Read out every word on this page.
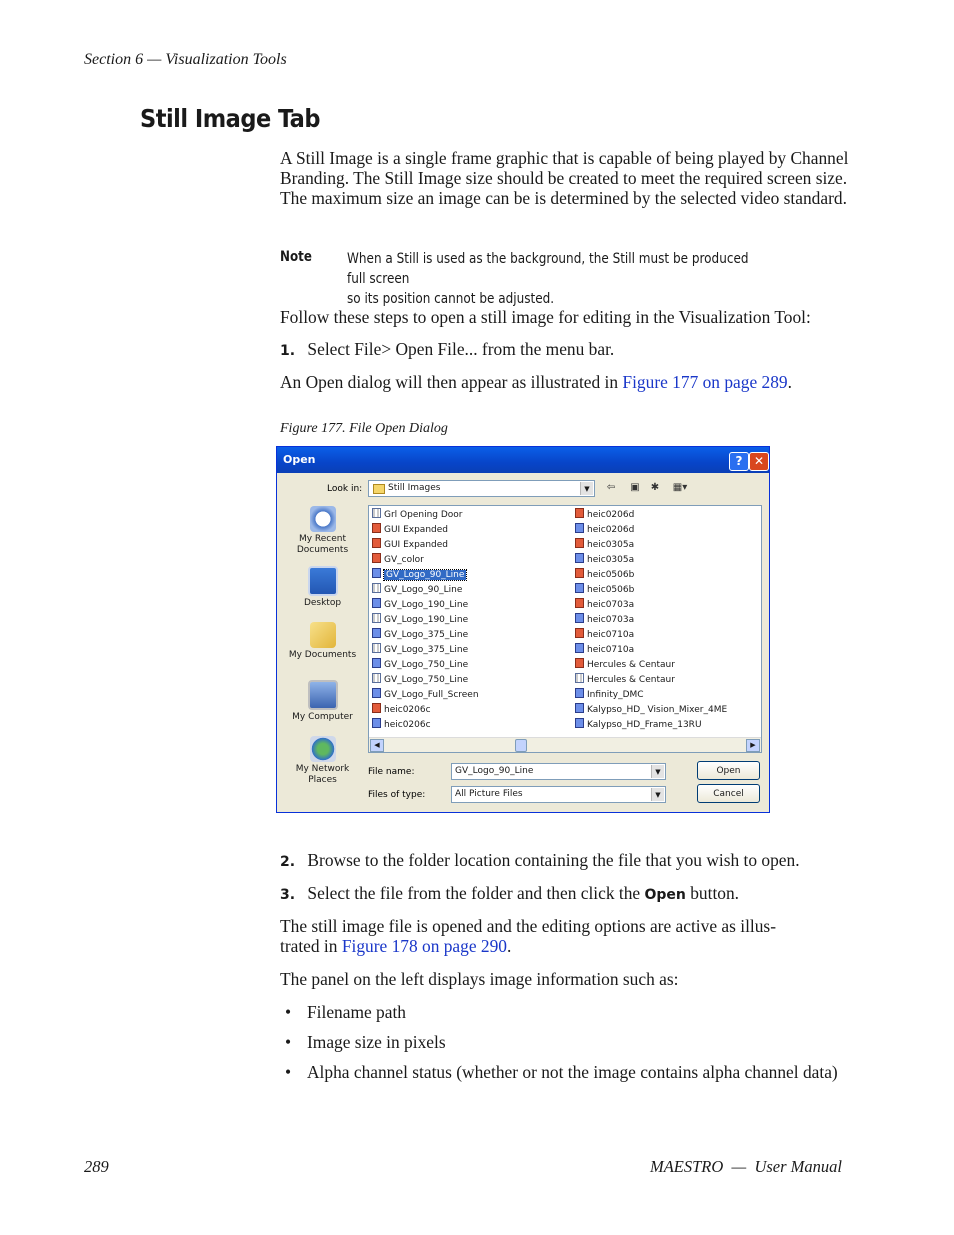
Section 6 — Visualization Tools
Still Image Tab
A Still Image is a single frame graphic that is capable of being played by Channel Branding. The Still Image size should be created to meet the required screen size. The maximum size an image can be is determined by the selected video standard.
Note	When a Still is used as the background, the Still must be produced full screen
so its position cannot be adjusted.
Follow these steps to open a still image for editing in the Visualization Tool:
1. Select File> Open File... from the menu bar.
An Open dialog will then appear as illustrated in Figure 177 on page 289.
Figure 177. File Open Dialog
Open	? ✕
Look in:	Still Images	▼	⇦	▣	✱	▦▾
My Recent Documents
Desktop
My Documents
My Computer
My Network Places
Grl Opening Door
GUI Expanded
GUI Expanded
GV_color
GV_Logo_90_Line
GV_Logo_90_Line
GV_Logo_190_Line
GV_Logo_190_Line
GV_Logo_375_Line
GV_Logo_375_Line
GV_Logo_750_Line
GV_Logo_750_Line
GV_Logo_Full_Screen
heic0206c
heic0206c
heic0206d
heic0206d
heic0305a
heic0305a
heic0506b
heic0506b
heic0703a
heic0703a
heic0710a
heic0710a
Hercules & Centaur
Hercules & Centaur
Infinity_DMC
Kalypso_HD_ Vision_Mixer_4ME
Kalypso_HD_Frame_13RU
◀	▶
File name:	GV_Logo_90_Line	▼
Files of type:	All Picture Files	▼
Open
Cancel
2. Browse to the folder location containing the file that you wish to open.
3. Select the file from the folder and then click the Open button.
The still image file is opened and the editing options are active as illus-
trated in Figure 178 on page 290.
The panel on the left displays image information such as:
• Filename path
• Image size in pixels
• Alpha channel status (whether or not the image contains alpha channel data)
289	MAESTRO  —  User Manual
